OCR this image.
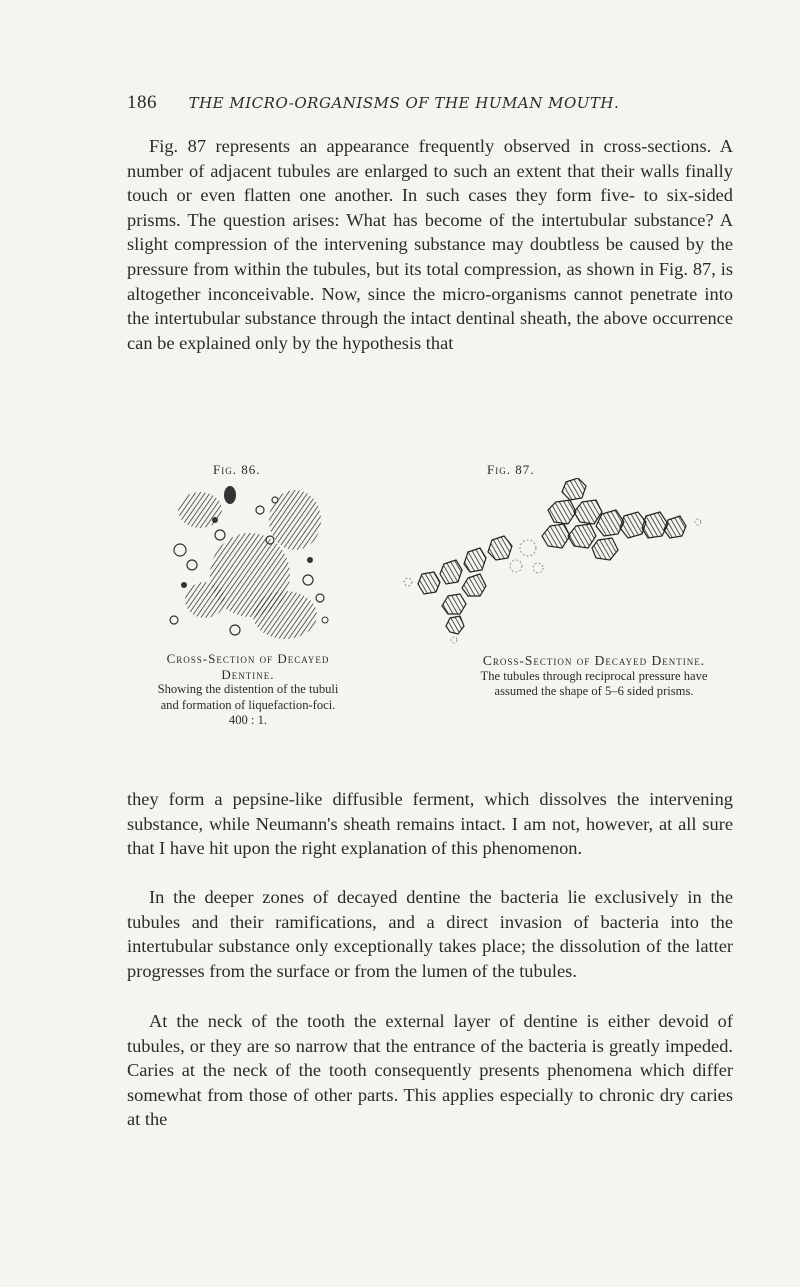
186 THE MICRO-ORGANISMS OF THE HUMAN MOUTH.

Fig. 87 represents an appearance frequently observed in cross-sections. A number of adjacent tubules are enlarged to such an extent that their walls finally touch or even flatten one another. In such cases they form five- to six-sided prisms. The question arises: What has become of the intertubular substance? A slight compression of the intervening substance may doubtless be caused by the pressure from within the tubules, but its total compression, as shown in Fig. 87, is altogether inconceivable. Now, since the micro-organisms cannot penetrate into the intertubular substance through the intact dentinal sheath, the above occurrence can be explained only by the hypothesis that

Fig. 86.	Fig. 87.
Cross-Section of Decayed Dentine.
Showing the distention of the tubuli and formation of liquefaction-foci.
400 : 1.
Cross-Section of Decayed Dentine.
The tubules through reciprocal pressure have assumed the shape of 5–6 sided prisms.

they form a pepsine-like diffusible ferment, which dissolves the intervening substance, while Neumann's sheath remains intact. I am not, however, at all sure that I have hit upon the right explanation of this phenomenon.

In the deeper zones of decayed dentine the bacteria lie exclusively in the tubules and their ramifications, and a direct invasion of bacteria into the intertubular substance only exceptionally takes place; the dissolution of the latter progresses from the surface or from the lumen of the tubules.

At the neck of the tooth the external layer of dentine is either devoid of tubules, or they are so narrow that the entrance of the bacteria is greatly impeded. Caries at the neck of the tooth consequently presents phenomena which differ somewhat from those of other parts. This applies especially to chronic dry caries at the
